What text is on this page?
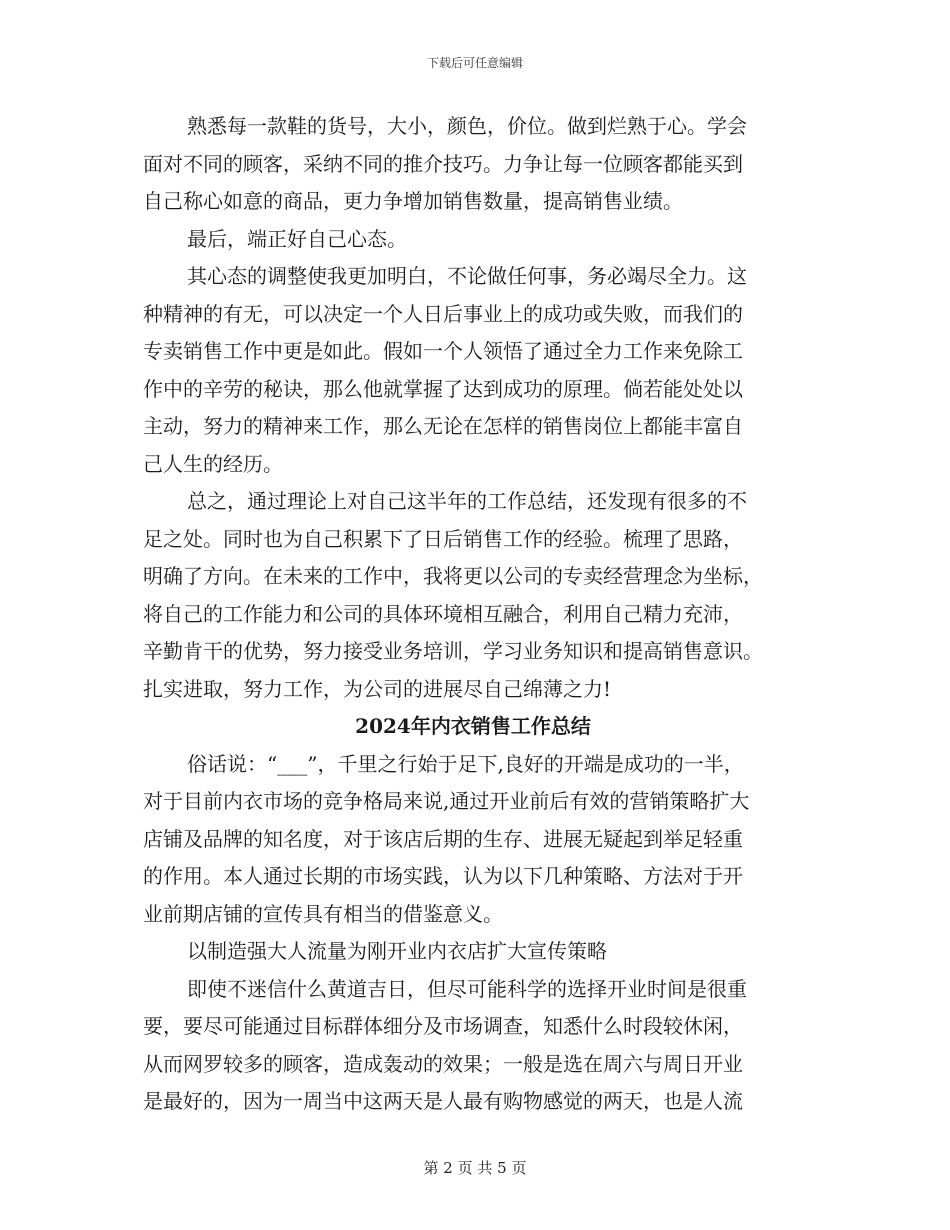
下载后可任意编辑
熟悉每一款鞋的货号，大小，颜色，价位。做到烂熟于心。学会
面对不同的顾客，采纳不同的推介技巧。力争让每一位顾客都能买到
自己称心如意的商品，更力争增加销售数量，提高销售业绩。
最后，端正好自己心态。
其心态的调整使我更加明白，不论做任何事，务必竭尽全力。这
种精神的有无，可以决定一个人日后事业上的成功或失败，而我们的
专卖销售工作中更是如此。假如一个人领悟了通过全力工作来免除工
作中的辛劳的秘诀，那么他就掌握了达到成功的原理。倘若能处处以
主动，努力的精神来工作，那么无论在怎样的销售岗位上都能丰富自
己人生的经历。
总之，通过理论上对自己这半年的工作总结，还发现有很多的不
足之处。同时也为自己积累下了日后销售工作的经验。梳理了思路，
明确了方向。在未来的工作中，我将更以公司的专卖经营理念为坐标，
将自己的工作能力和公司的具体环境相互融合，利用自己精力充沛，
辛勤肯干的优势，努力接受业务培训，学习业务知识和提高销售意识。
扎实进取，努力工作，为公司的进展尽自己绵薄之力!
2024年内衣销售工作总结
俗话说：“___”，千里之行始于足下,良好的开端是成功的一半，
对于目前内衣市场的竞争格局来说,通过开业前后有效的营销策略扩大
店铺及品牌的知名度，对于该店后期的生存、进展无疑起到举足轻重
的作用。本人通过长期的市场实践，认为以下几种策略、方法对于开
业前期店铺的宣传具有相当的借鉴意义。
以制造强大人流量为刚开业内衣店扩大宣传策略
即使不迷信什么黄道吉日，但尽可能科学的选择开业时间是很重
要，要尽可能通过目标群体细分及市场调查，知悉什么时段较休闲，
从而网罗较多的顾客，造成轰动的效果；一般是选在周六与周日开业
是最好的，因为一周当中这两天是人最有购物感觉的两天，也是人流
第 2 页 共 5 页
